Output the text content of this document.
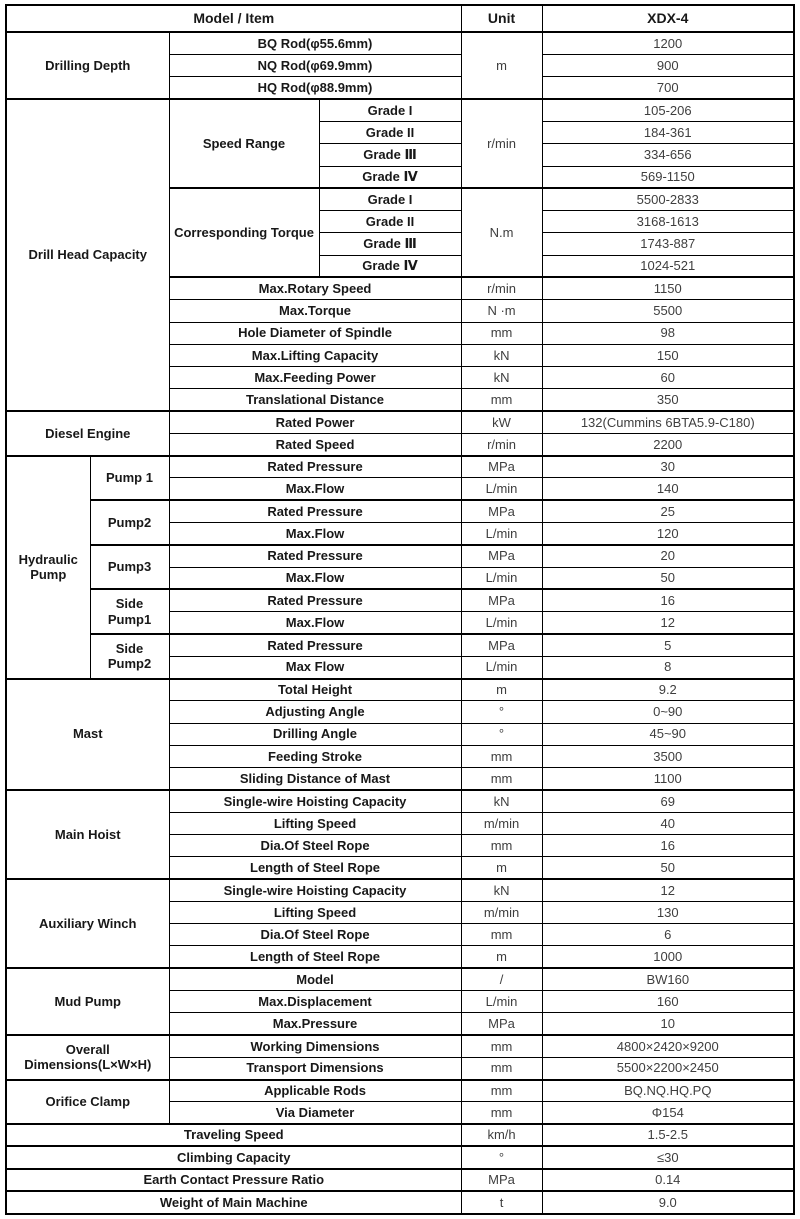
Model / Item				Unit	XDX-4
Drilling Depth		BQ Rod(φ55.6mm)		m	1200
		NQ Rod(φ69.9mm)			900
		HQ Rod(φ88.9mm)			700
Drill Head Capacity		Speed Range	Grade I	r/min	105-206
			Grade II		184-361
			Grade Ⅲ		334-656
			Grade Ⅳ		569-1150
		Corresponding Torque	Grade I	N.m	5500-2833
			Grade II		3168-1613
			Grade Ⅲ		1743-887
			Grade Ⅳ		1024-521
		Max.Rotary Speed		r/min	1150
		Max.Torque		N ·m	5500
		Hole Diameter of Spindle		mm	98
		Max.Lifting Capacity		kN	150
		Max.Feeding Power		kN	60
		Translational Distance		mm	350
Diesel Engine		Rated Power		kW	132(Cummins 6BTA5.9-C180)
		Rated Speed		r/min	2200
Hydraulic Pump	Pump 1	Rated Pressure		MPa	30
		Max.Flow		L/min	140
	Pump2	Rated Pressure		MPa	25
		Max.Flow		L/min	120
	Pump3	Rated Pressure		MPa	20
		Max.Flow		L/min	50
	Side Pump1	Rated Pressure		MPa	16
		Max.Flow		L/min	12
	Side Pump2	Rated Pressure		MPa	5
		Max Flow		L/min	8
Mast		Total Height		m	9.2
		Adjusting Angle		°	0~90
		Drilling Angle		°	45~90
		Feeding Stroke		mm	3500
		Sliding Distance of Mast		mm	1100
Main Hoist		Single-wire Hoisting Capacity		kN	69
		Lifting Speed		m/min	40
		Dia.Of Steel Rope		mm	16
		Length of Steel Rope		m	50
Auxiliary Winch		Single-wire Hoisting Capacity		kN	12
		Lifting Speed		m/min	130
		Dia.Of Steel Rope		mm	6
		Length of Steel Rope		m	1000
Mud Pump		Model		/	BW160
		Max.Displacement		L/min	160
		Max.Pressure		MPa	10
Overall Dimensions(L×W×H)		Working Dimensions		mm	4800×2420×9200
		Transport Dimensions		mm	5500×2200×2450
Orifice Clamp		Applicable Rods		mm	BQ.NQ.HQ.PQ
		Via Diameter		mm	Φ154
Traveling Speed				km/h	1.5-2.5
Climbing Capacity				°	≤30
Earth Contact Pressure Ratio				MPa	0.14
Weight of Main Machine				t	9.0
